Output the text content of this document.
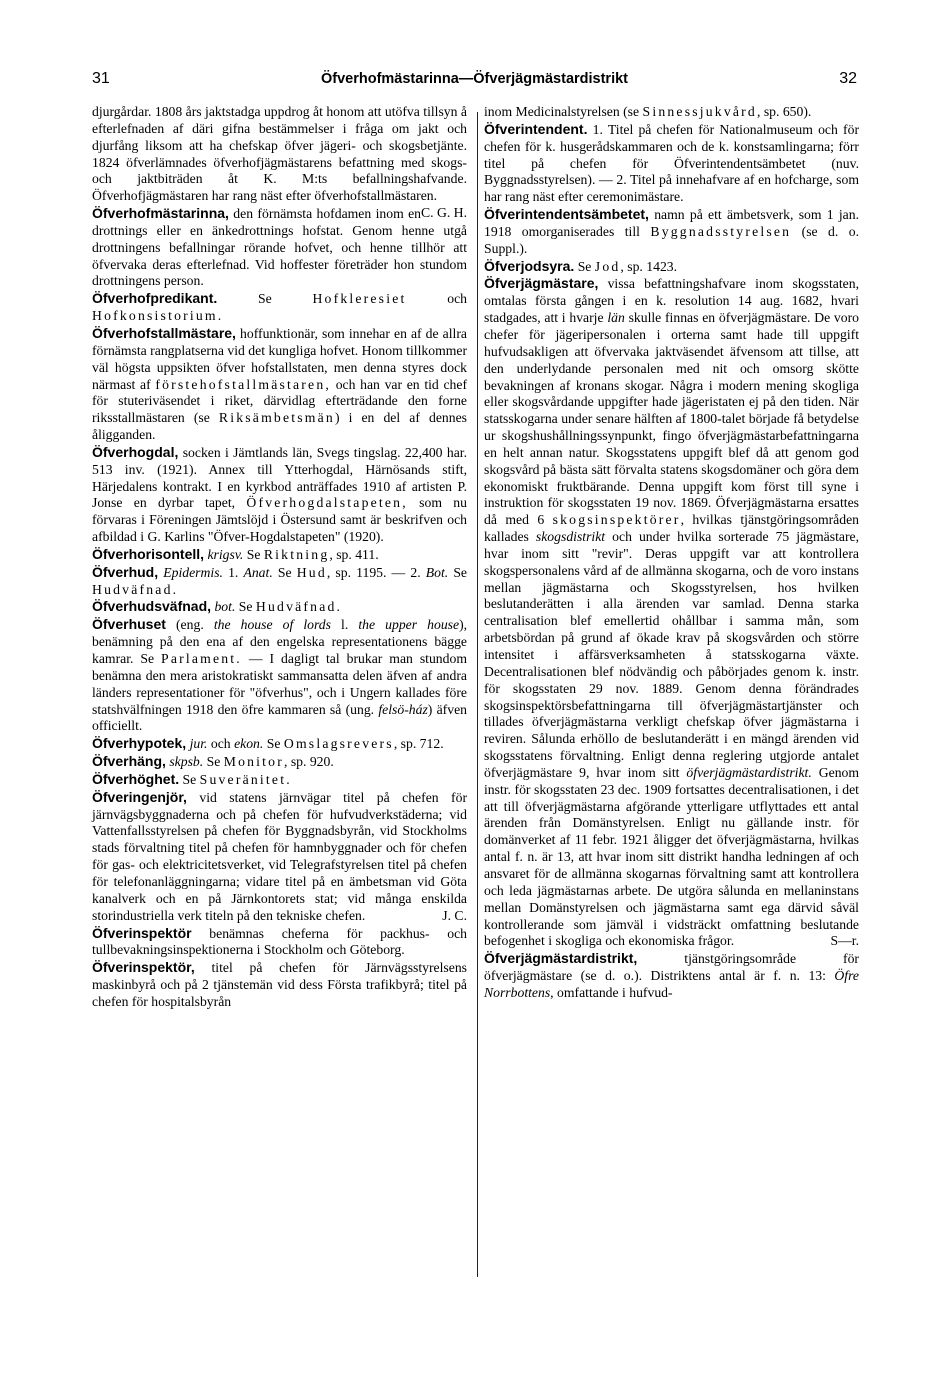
31	Öfverhofmästarinna—Öfverjägmästardistrikt	32

djurgårdar. 1808 års jaktstadga uppdrog åt honom att utöfva tillsyn å efterlefnaden af däri gifna bestämmelser i fråga om jakt och djurfång liksom att ha chefskap öfver jägeri- och skogsbetjänte. 1824 öfverlämnades öfverhofjägmästarens befattning med skogs- och jaktbiträden åt K. M:ts befallningshafvande. Öfverhofjägmästaren har rang näst efter öfverhofstallmästaren.
C. G. H.

Öfverhofmästarinna, den förnämsta hofdamen inom en drottnings eller en änkedrottnings hofstat. Genom henne utgå drottningens befallningar rörande hofvet, och henne tillhör att öfvervaka deras efterlefnad. Vid hoffester företräder hon stundom drottningens person.

Öfverhofpredikant.	Se	Hofkleresiet	och Hofkonsistorium.

Öfverhofstallmästare, hoffunktionär, som innehar en af de allra förnämsta rangplatserna vid det kungliga hofvet. Honom tillkommer väl högsta uppsikten öfver hofstallstaten, men denna styres dock närmast af förstehofstallmästaren, och han var en tid chef för stuteriväsendet i riket, därvidlag efterträdande den forne riksstallmästaren (se Riksämbetsmän) i en del af dennes åligganden.

Öfverhogdal, socken i Jämtlands län, Svegs tingslag. 22,400 har. 513 inv. (1921). Annex till Ytterhogdal, Härnösands stift, Härjedalens kontrakt. I en kyrkbod anträffades 1910 af artisten P. Jonse en dyrbar tapet, Öfverhogdalstapeten, som nu förvaras i Föreningen Jämtslöjd i Östersund samt är beskrifven och afbildad i G. Karlins "Öfver-Hogdalstapeten" (1920).

Öfverhorisontell, krigsv. Se Riktning, sp. 411.

Öfverhud, Epidermis. 1. Anat. Se Hud, sp. 1195. — 2. Bot. Se Hudväfnad.

Öfverhudsväfnad, bot. Se Hudväfnad.

Öfverhuset (eng. the house of lords l. the upper house), benämning på den ena af den engelska representationens bägge kamrar. Se Parlament. — I dagligt tal brukar man stundom benämna den mera aristokratiskt sammansatta delen äfven af andra länders representationer för "öfverhus", och i Ungern kallades före statshvälfningen 1918 den öfre kammaren så (ung. felsö-ház) äfven officiellt.

Öfverhypotek, jur. och ekon. Se Omslagsrevers, sp. 712.

Öfverhäng, skpsb. Se Monitor, sp. 920.

Öfverhöghet. Se Suveränitet.

Öfveringenjör, vid statens järnvägar titel på chefen för järnvägsbyggnaderna och på chefen för hufvudverkstäderna; vid Vattenfallsstyrelsen på chefen för Byggnadsbyrån, vid Stockholms stads förvaltning titel på chefen för hamnbyggnader och för chefen för gas- och elektricitetsverket, vid Telegrafstyrelsen titel på chefen för telefonanläggningarna; vidare titel på en ämbetsman vid Göta kanalverk och en på Järnkontorets stat; vid många enskilda storindustriella verk titeln på den tekniske chefen.	J. C.

Öfverinspektör benämnas cheferna för packhus- och tullbevakningsinspektionerna i Stockholm och Göteborg.

Öfverinspektör, titel på chefen för Järnvägsstyrelsens maskinbyrå och på 2 tjänstemän vid dess Första trafikbyrå; titel på chefen för hospitalsbyrån

inom Medicinalstyrelsen (se Sinnessjukvård, sp. 650).

Öfverintendent. 1. Titel på chefen för Nationalmuseum och för chefen för k. husgerådskammaren och de k. konstsamlingarna; förr titel på chefen för Öfverintendentsämbetet (nuv. Byggnadsstyrelsen). — 2. Titel på innehafvare af en hofcharge, som har rang näst efter ceremonimästare.

Öfverintendentsämbetet, namn på ett ämbetsverk, som 1 jan. 1918 omorganiserades till Byggnadsstyrelsen (se d. o. Suppl.).

Öfverjodsyra. Se Jod, sp. 1423.

Öfverjägmästare, vissa befattningshafvare inom skogsstaten, omtalas första gången i en k. resolution 14 aug. 1682, hvari stadgades, att i hvarje län skulle finnas en öfverjägmästare. De voro chefer för jägeripersonalen i orterna samt hade till uppgift hufvudsakligen att öfvervaka jaktväsendet äfvensom att tillse, att den underlydande personalen med nit och omsorg skötte bevakningen af kronans skogar. Några i modern mening skogliga eller skogsvårdande uppgifter hade jägeristaten ej på den tiden. När statsskogarna under senare hälften af 1800-talet började få betydelse ur skogshushållningssynpunkt, fingo öfverjägmästarbefattningarna en helt annan natur. Skogsstatens uppgift blef då att genom god skogsvård på bästa sätt förvalta statens skogsdomäner och göra dem ekonomiskt fruktbärande. Denna uppgift kom först till syne i instruktion för skogsstaten 19 nov. 1869. Öfverjägmästarna ersattes då med 6 skogsinspektörer, hvilkas tjänstgöringsområden kallades skogsdistrikt och under hvilka sorterade 75 jägmästare, hvar inom sitt "revir". Deras uppgift var att kontrollera skogspersonalens vård af de allmänna skogarna, och de voro instans mellan jägmästarna och Skogsstyrelsen, hos hvilken beslutanderätten i alla ärenden var samlad. Denna starka centralisation blef emellertid ohållbar i samma mån, som arbetsbördan på grund af ökade krav på skogsvården och större intensitet i affärsverksamheten å statsskogarna växte. Decentralisationen blef nödvändig och påbörjades genom k. instr. för skogsstaten 29 nov. 1889. Genom denna förändrades skogsinspektörsbefattningarna till öfverjägmästartjänster och tillades öfverjägmästarna verkligt chefskap öfver jägmästarna i reviren. Sålunda erhöllo de beslutanderätt i en mängd ärenden vid skogsstatens förvaltning. Enligt denna reglering utgjorde antalet öfverjägmästare 9, hvar inom sitt öfverjägmästardistrikt. Genom instr. för skogsstaten 23 dec. 1909 fortsattes decentralisationen, i det att till öfverjägmästarna afgörande ytterligare utflyttades ett antal ärenden från Domänstyrelsen. Enligt nu gällande instr. för domänverket af 11 febr. 1921 åligger det öfverjägmästarna, hvilkas antal f. n. är 13, att hvar inom sitt distrikt handha ledningen af och ansvaret för de allmänna skogarnas förvaltning samt att kontrollera och leda jägmästarnas arbete. De utgöra sålunda en mellaninstans mellan Domänstyrelsen och jägmästarna samt ega därvid såväl kontrollerande som jämväl i vidsträckt omfattning beslutande befogenhet i skogliga och ekonomiska frågor.	S—r.

Öfverjägmästardistrikt,	tjänstgöringsområde för öfverjägmästare (se d. o.). Distriktens antal är f. n. 13: Öfre Norrbottens, omfattande i hufvud-
